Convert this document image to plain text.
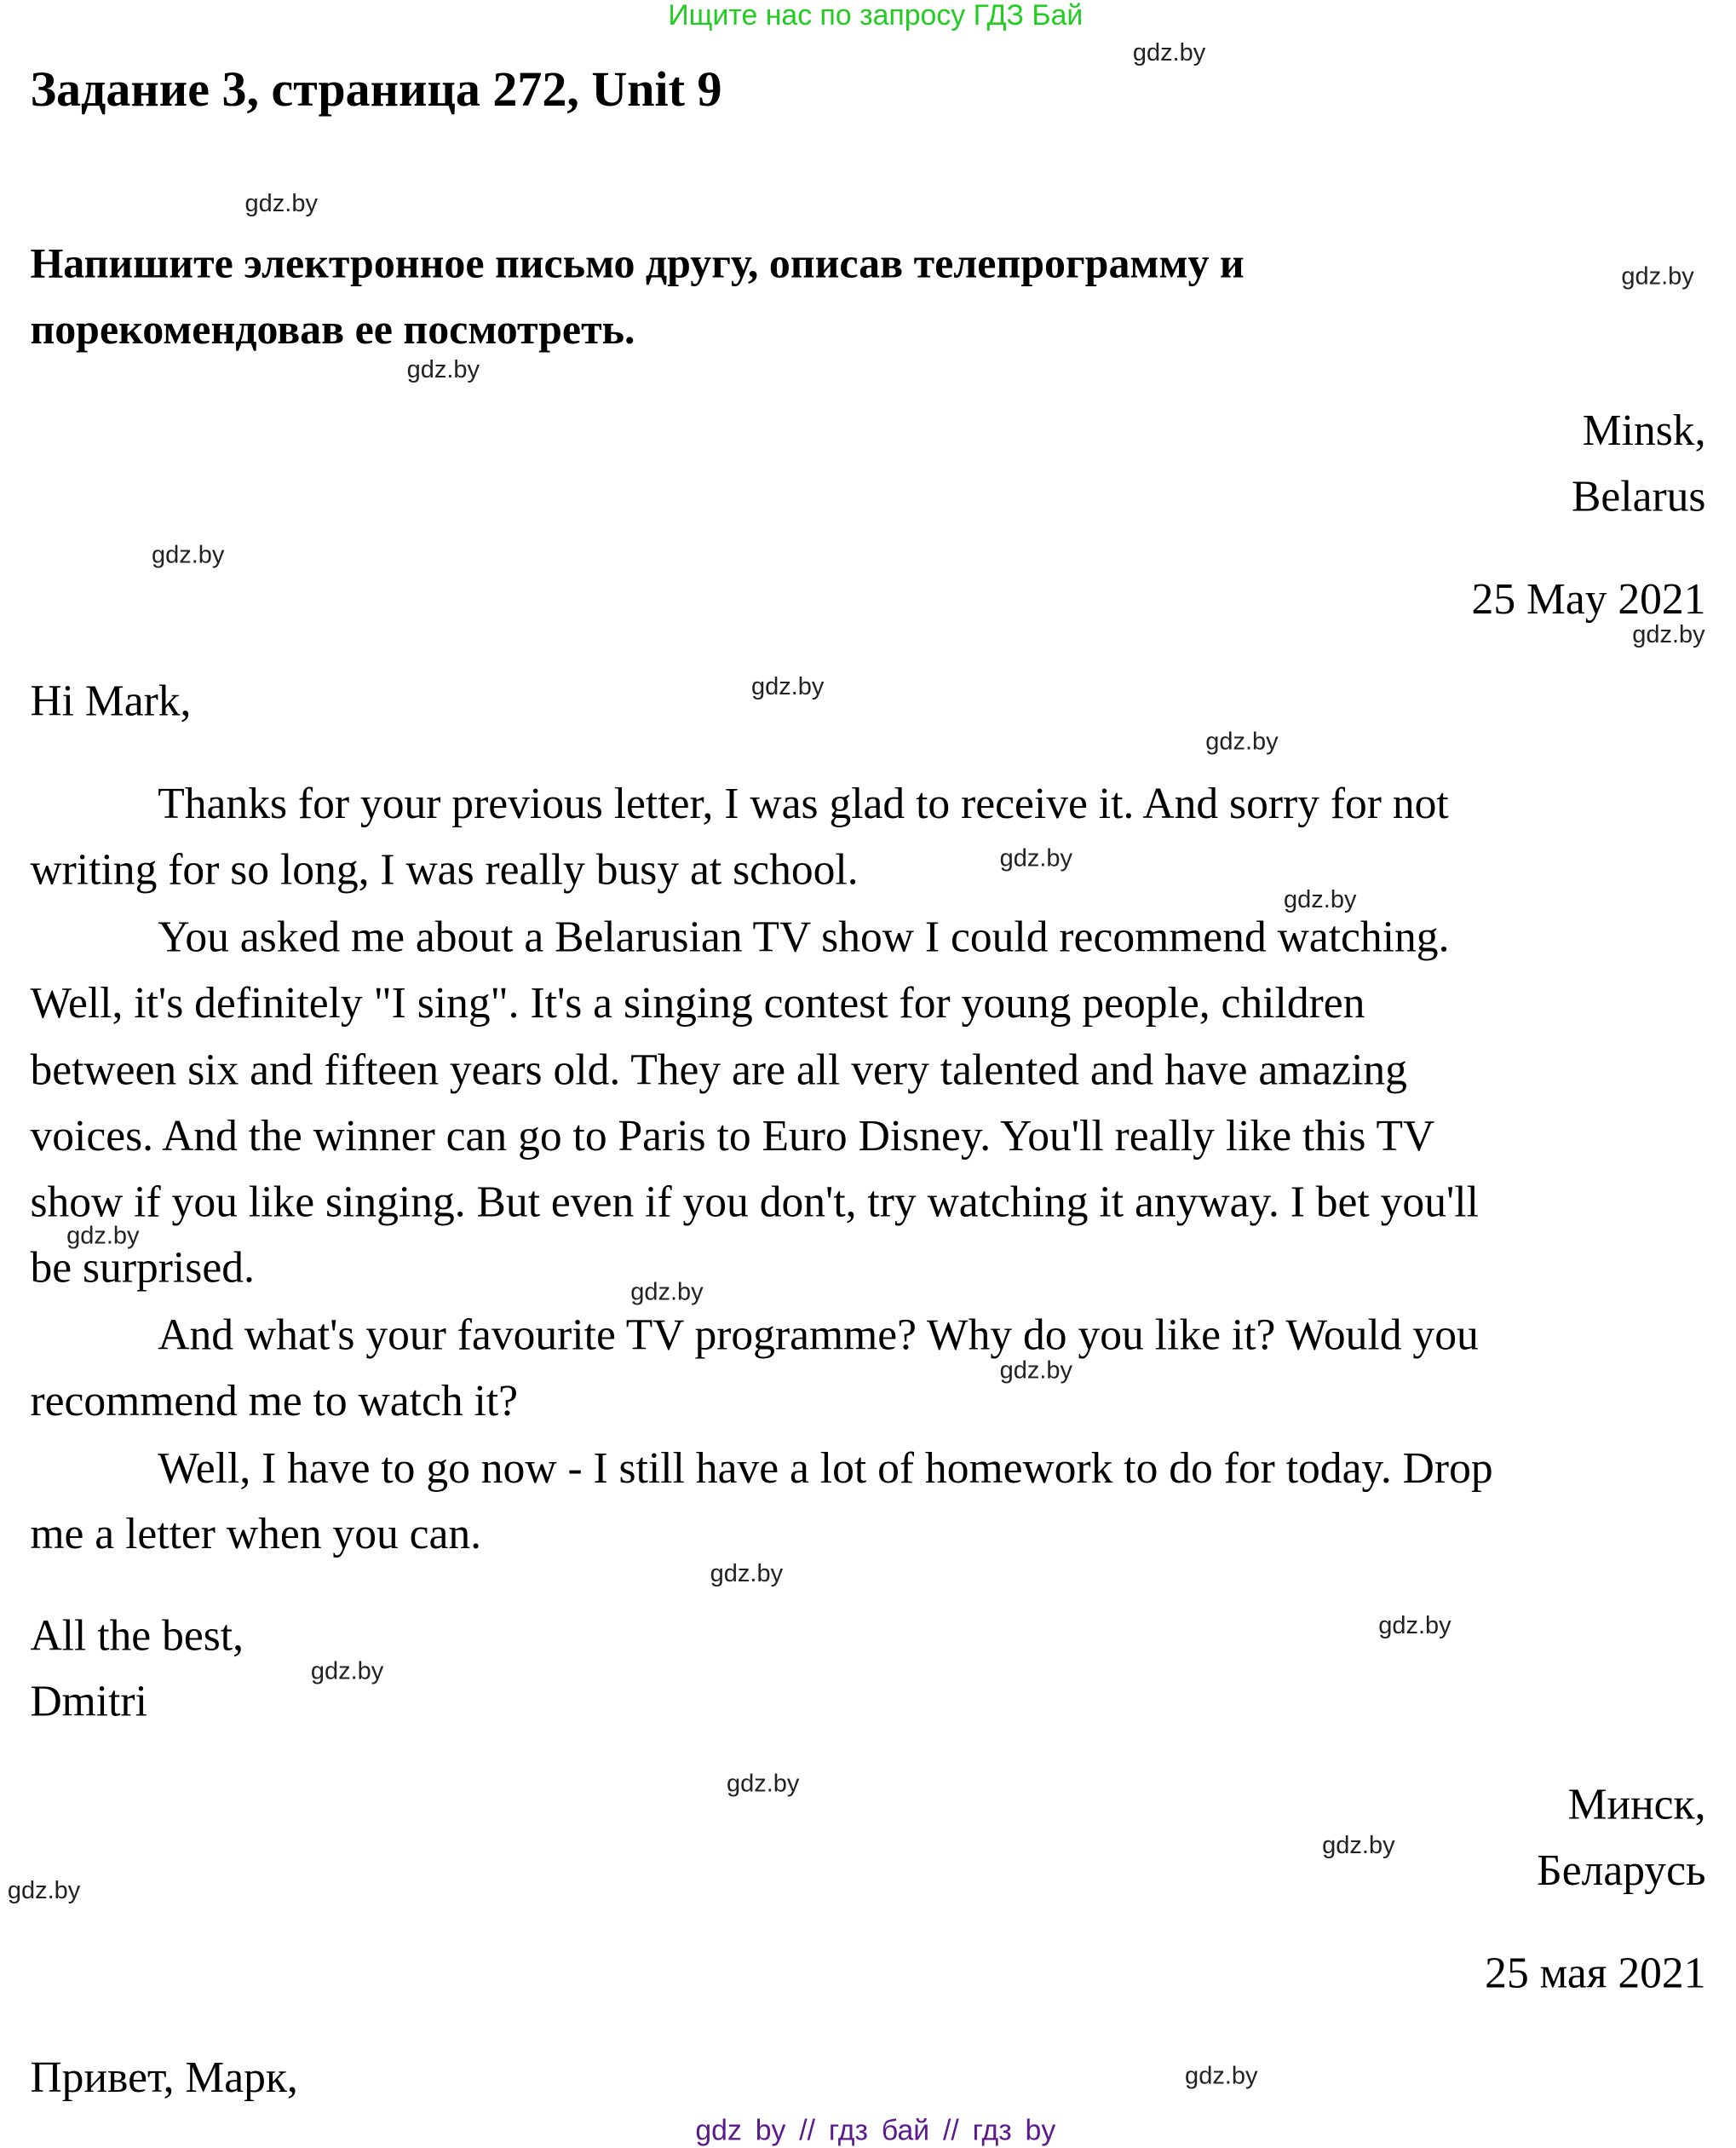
Ищите нас по запросу ГДЗ Бай
Задание 3, страница 272, Unit 9
Напишите электронное письмо другу, описав телепрограмму и
порекомендовав ее посмотреть.
Minsk,
Belarus
25 May 2021
Hi Mark,
Thanks for your previous letter, I was glad to receive it. And sorry for not
writing for so long, I was really busy at school.
You asked me about a Belarusian TV show I could recommend watching.
Well, it's definitely "I sing". It's a singing contest for young people, children
between six and fifteen years old. They are all very talented and have amazing
voices. And the winner can go to Paris to Euro Disney. You'll really like this TV
show if you like singing. But even if you don't, try watching it anyway. I bet you'll
be surprised.
And what's your favourite TV programme? Why do you like it? Would you
recommend me to watch it?
Well, I have to go now - I still have a lot of homework to do for today. Drop
me a letter when you can.
All the best,
Dmitri
Минск,
Беларусь
25 мая 2021
Привет, Марк,
gdz.by
gdz.by
gdz.by
gdz.by
gdz.by
gdz.by
gdz.by
gdz.by
gdz.by
gdz.by
gdz.by
gdz.by
gdz.by
gdz.by
gdz.by
gdz.by
gdz.by
gdz.by
gdz.by
gdz.by
gdz by // гдз бай // гдз by
